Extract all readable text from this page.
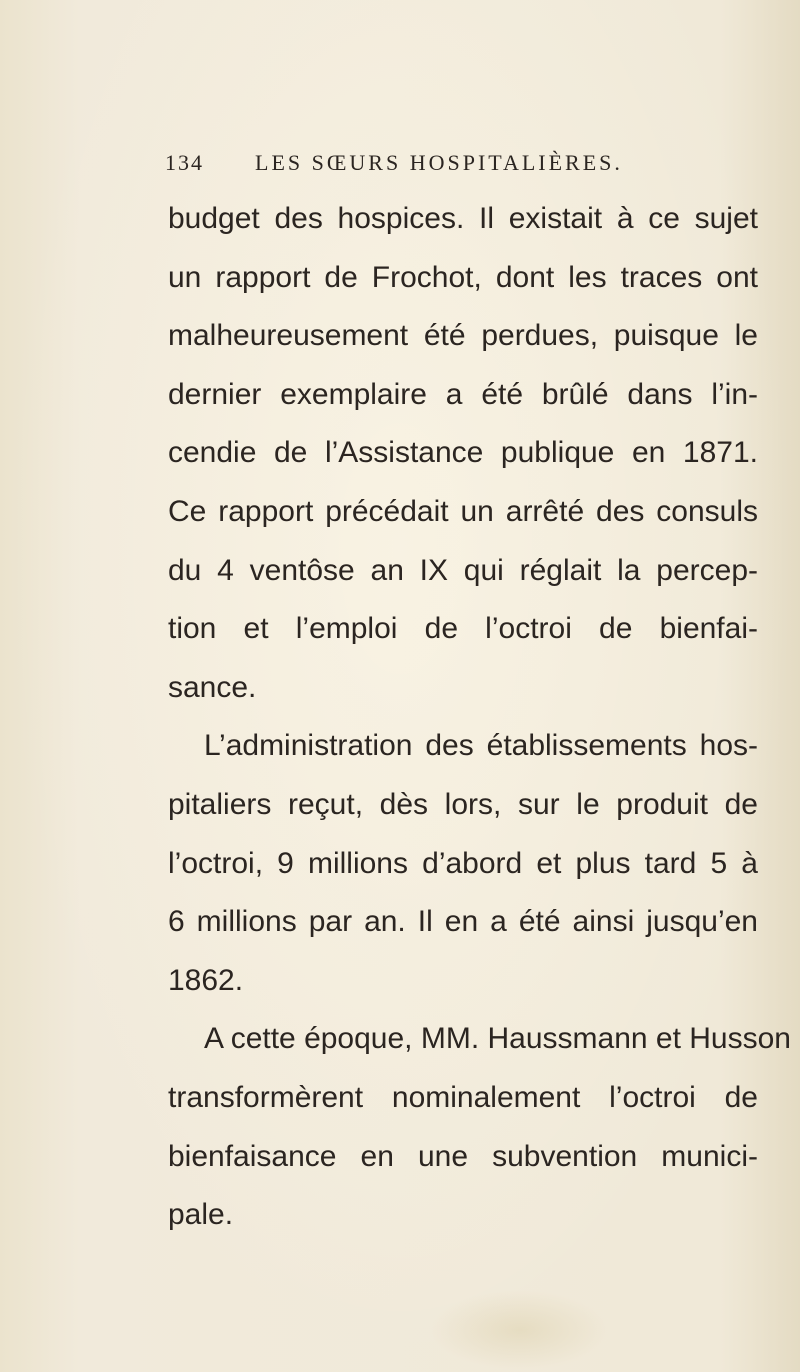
134 LES SŒURS HOSPITALIÈRES.
budget des hospices. Il existait à ce sujet
un rapport de Frochot, dont les traces ont
malheureusement été perdues, puisque le
dernier exemplaire a été brûlé dans l’in-
cendie de l’Assistance publique en 1871.
Ce rapport précédait un arrêté des consuls
du 4 ventôse an IX qui réglait la percep-
tion et l’emploi de l’octroi de bienfai-
sance.
L’administration des établissements hos-
pitaliers reçut, dès lors, sur le produit de
l’octroi, 9 millions d’abord et plus tard 5 à
6 millions par an. Il en a été ainsi jusqu’en
1862.
A cette époque, MM. Haussmann et Husson
transformèrent nominalement l’octroi de
bienfaisance en une subvention munici-
pale.
